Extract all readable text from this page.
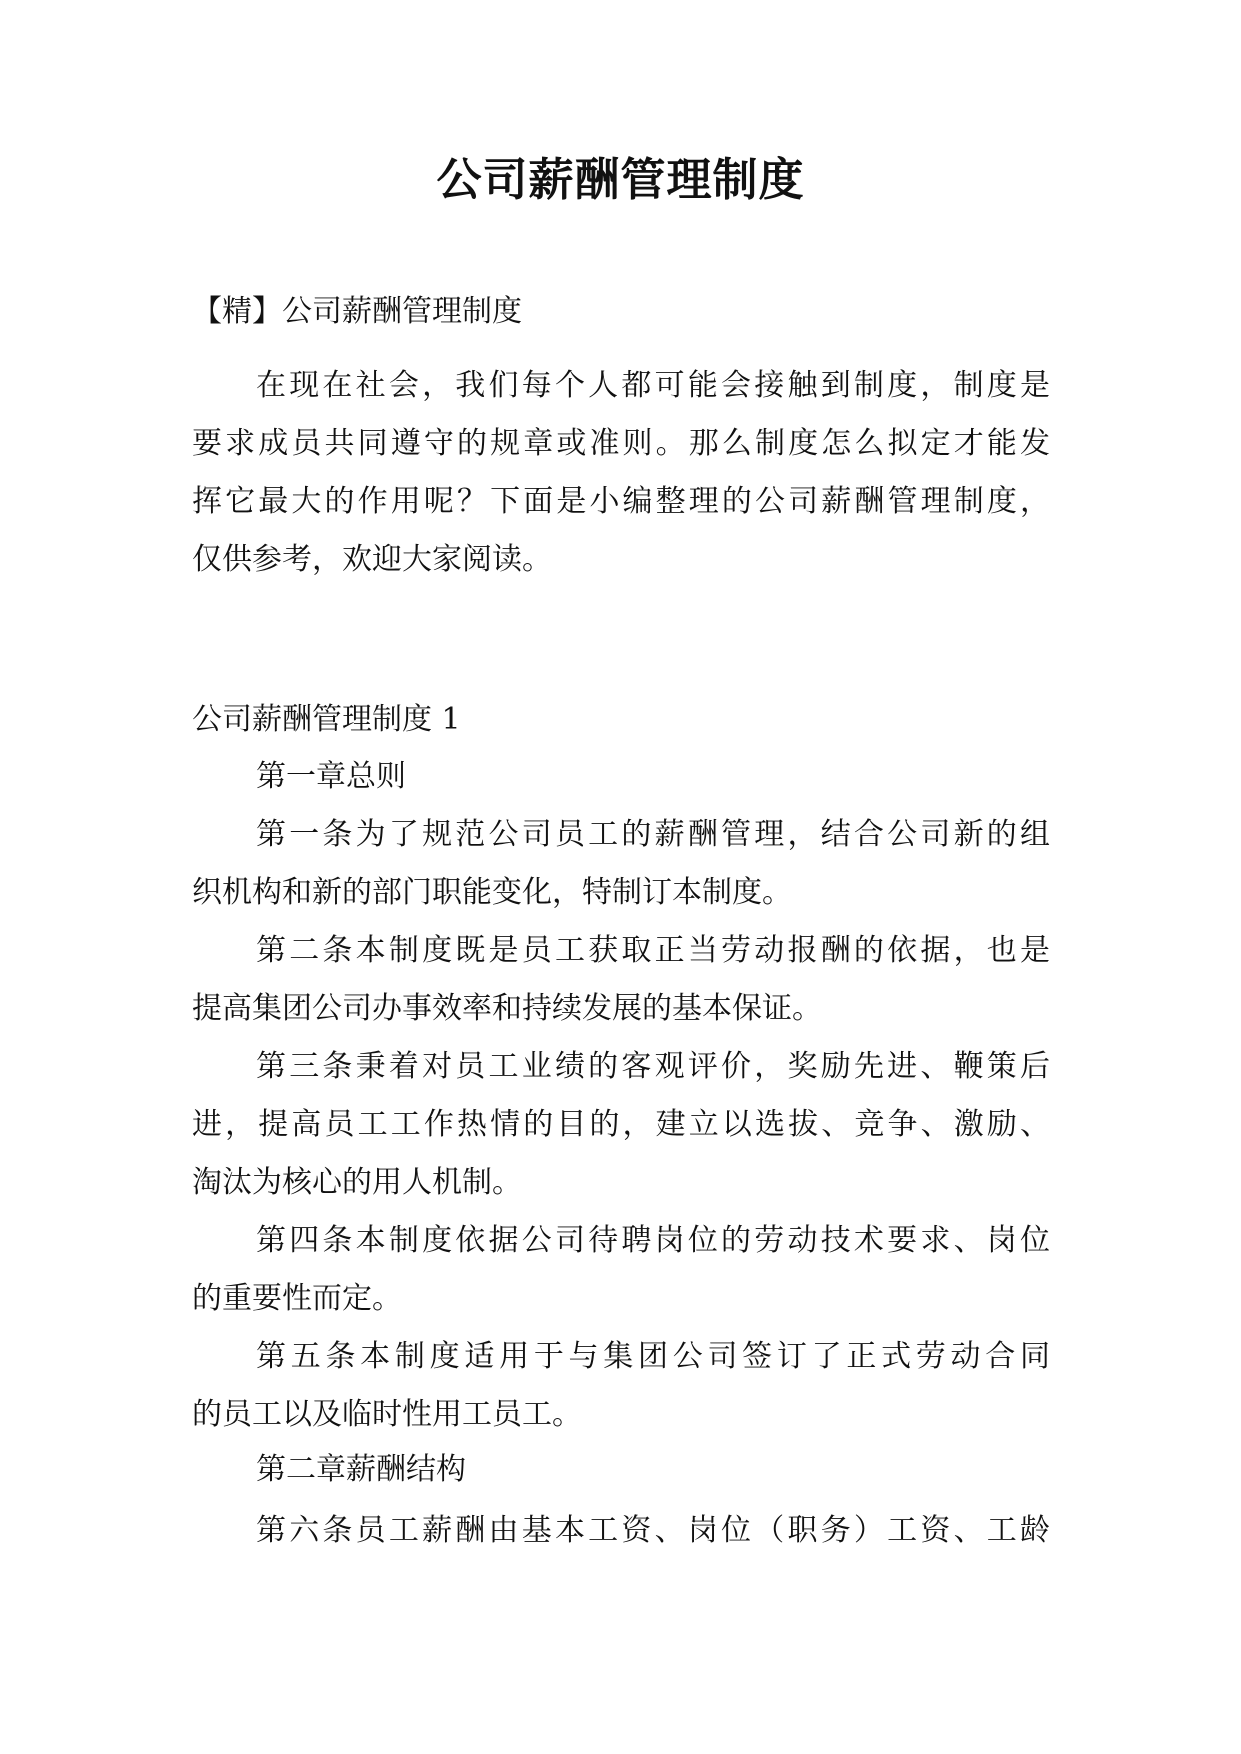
公司薪酬管理制度
【精】公司薪酬管理制度
在现在社会，我们每个人都可能会接触到制度，制度是
要求成员共同遵守的规章或准则。那么制度怎么拟定才能发
挥它最大的作用呢？下面是小编整理的公司薪酬管理制度，
仅供参考，欢迎大家阅读。
公司薪酬管理制度 1
第一章总则
第一条为了规范公司员工的薪酬管理，结合公司新的组
织机构和新的部门职能变化，特制订本制度。
第二条本制度既是员工获取正当劳动报酬的依据，也是
提高集团公司办事效率和持续发展的基本保证。
第三条秉着对员工业绩的客观评价，奖励先进、鞭策后
进，提高员工工作热情的目的，建立以选拔、竞争、激励、
淘汰为核心的用人机制。
第四条本制度依据公司待聘岗位的劳动技术要求、岗位
的重要性而定。
第五条本制度适用于与集团公司签订了正式劳动合同
的员工以及临时性用工员工。
第二章薪酬结构
第六条员工薪酬由基本工资、岗位（职务）工资、工龄
